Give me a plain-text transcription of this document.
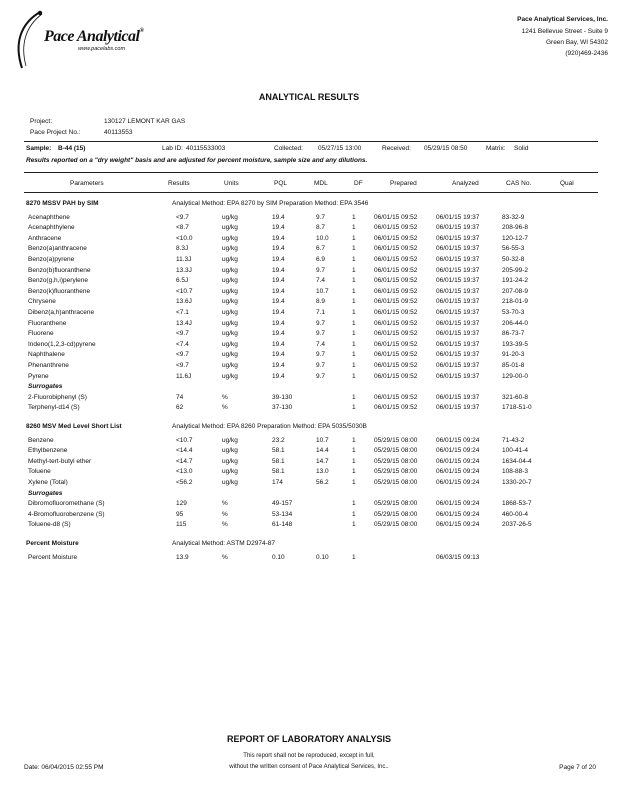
Pace Analytical®
www.pacelabs.com
Pace Analytical Services, Inc.
1241 Bellevue Street - Suite 9
Green Bay, WI 54302
(920)469-2436
ANALYTICAL RESULTS
Project:	130127 LEMONT KAR GAS
Pace Project No.:	40113553
Sample: B-44 (15)	Lab ID: 40115533003	Collected: 05/27/15 13:00	Received: 05/29/15 08:50	Matrix: Solid
Results reported on a "dry weight" basis and are adjusted for percent moisture, sample size and any dilutions.
Parameters	Results	Units	PQL	MDL	DF	Prepared	Analyzed	CAS No.	Qual
8270 MSSV PAH by SIM	Analytical Method: EPA 8270 by SIM Preparation Method: EPA 3546
Acenaphthene	<9.7	ug/kg	19.4	9.7	1	06/01/15 09:52	06/01/15 19:37	83-32-9
Acenaphthylene	<8.7	ug/kg	19.4	8.7	1	06/01/15 09:52	06/01/15 19:37	208-96-8
Anthracene	<10.0	ug/kg	19.4	10.0	1	06/01/15 09:52	06/01/15 19:37	120-12-7
Benzo(a)anthracene	8.3J	ug/kg	19.4	6.7	1	06/01/15 09:52	06/01/15 19:37	56-55-3
Benzo(a)pyrene	11.3J	ug/kg	19.4	6.9	1	06/01/15 09:52	06/01/15 19:37	50-32-8
Benzo(b)fluoranthene	13.3J	ug/kg	19.4	9.7	1	06/01/15 09:52	06/01/15 19:37	205-99-2
Benzo(g,h,i)perylene	6.5J	ug/kg	19.4	7.4	1	06/01/15 09:52	06/01/15 19:37	191-24-2
Benzo(k)fluoranthene	<10.7	ug/kg	19.4	10.7	1	06/01/15 09:52	06/01/15 19:37	207-08-9
Chrysene	13.6J	ug/kg	19.4	8.9	1	06/01/15 09:52	06/01/15 19:37	218-01-9
Dibenz(a,h)anthracene	<7.1	ug/kg	19.4	7.1	1	06/01/15 09:52	06/01/15 19:37	53-70-3
Fluoranthene	13.4J	ug/kg	19.4	9.7	1	06/01/15 09:52	06/01/15 19:37	206-44-0
Fluorene	<9.7	ug/kg	19.4	9.7	1	06/01/15 09:52	06/01/15 19:37	86-73-7
Indeno(1,2,3-cd)pyrene	<7.4	ug/kg	19.4	7.4	1	06/01/15 09:52	06/01/15 19:37	193-39-5
Naphthalene	<9.7	ug/kg	19.4	9.7	1	06/01/15 09:52	06/01/15 19:37	91-20-3
Phenanthrene	<9.7	ug/kg	19.4	9.7	1	06/01/15 09:52	06/01/15 19:37	85-01-8
Pyrene	11.6J	ug/kg	19.4	9.7	1	06/01/15 09:52	06/01/15 19:37	129-00-0
Surrogates
2-Fluorobiphenyl (S)	74	%	39-130	1	06/01/15 09:52	06/01/15 19:37	321-60-8
Terphenyl-d14 (S)	62	%	37-130	1	06/01/15 09:52	06/01/15 19:37	1718-51-0
8260 MSV Med Level Short List	Analytical Method: EPA 8260 Preparation Method: EPA 5035/5030B
Benzene	<10.7	ug/kg	23.2	10.7	1	05/29/15 08:00	06/01/15 09:24	71-43-2
Ethylbenzene	<14.4	ug/kg	58.1	14.4	1	05/29/15 08:00	06/01/15 09:24	100-41-4
Methyl-tert-butyl ether	<14.7	ug/kg	58.1	14.7	1	05/29/15 08:00	06/01/15 09:24	1634-04-4
Toluene	<13.0	ug/kg	58.1	13.0	1	05/29/15 08:00	06/01/15 09:24	108-88-3
Xylene (Total)	<56.2	ug/kg	174	56.2	1	05/29/15 08:00	06/01/15 09:24	1330-20-7
Surrogates
Dibromofluoromethane (S)	129	%	49-157	1	05/29/15 08:00	06/01/15 09:24	1868-53-7
4-Bromofluorobenzene (S)	95	%	53-134	1	05/29/15 08:00	06/01/15 09:24	460-00-4
Toluene-d8 (S)	115	%	61-148	1	05/29/15 08:00	06/01/15 09:24	2037-26-5
Percent Moisture	Analytical Method: ASTM D2974-87
Percent Moisture	13.9	%	0.10	0.10	1	06/03/15 09:13
REPORT OF LABORATORY ANALYSIS
This report shall not be reproduced, except in full,
without the written consent of Pace Analytical Services, Inc..
Date: 06/04/2015 02:55 PM	Page 7 of 20
